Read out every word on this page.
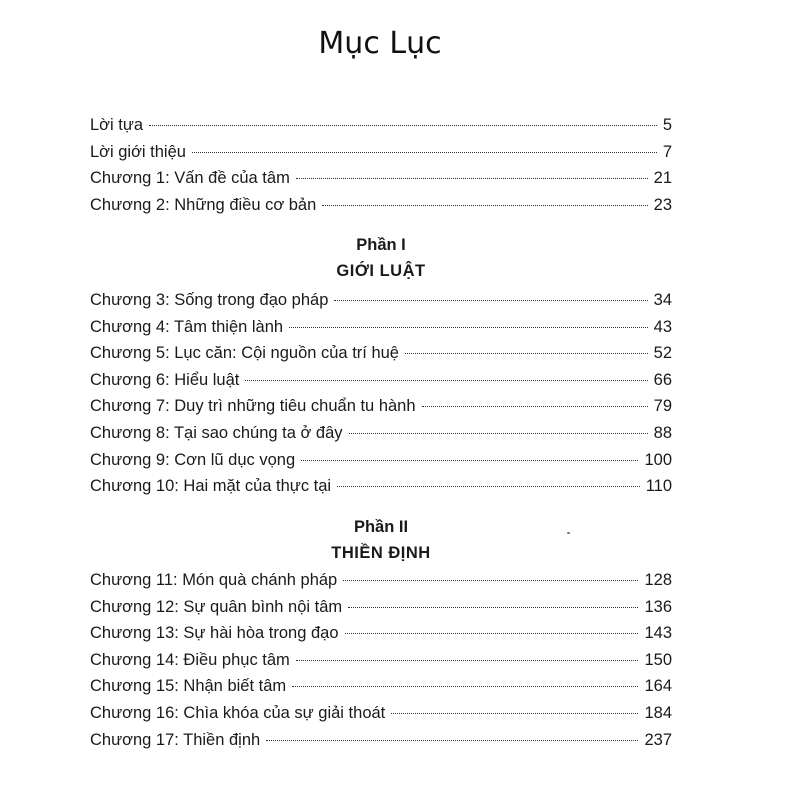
Mục Lục
Lời tựa	5
Lời giới thiệu	7
Chương 1: Vấn đề của tâm	21
Chương 2: Những điều cơ bản	23
Phần I
GIỚI LUẬT
Chương 3: Sống trong đạo pháp	34
Chương 4: Tâm thiện lành	43
Chương 5: Lục căn: Cội nguồn của trí huệ	52
Chương 6: Hiểu luật	66
Chương 7: Duy trì những tiêu chuẩn tu hành	79
Chương 8: Tại sao chúng ta ở đây	88
Chương 9: Cơn lũ dục vọng	100
Chương 10: Hai mặt của thực tại	110
Phần II
THIỀN ĐỊNH
Chương 11: Món quà chánh pháp	128
Chương 12: Sự quân bình nội tâm	136
Chương 13: Sự hài hòa trong đạo	143
Chương 14: Điều phục tâm	150
Chương 15: Nhận biết tâm	164
Chương 16: Chìa khóa của sự giải thoát	184
Chương 17: Thiền định	237
